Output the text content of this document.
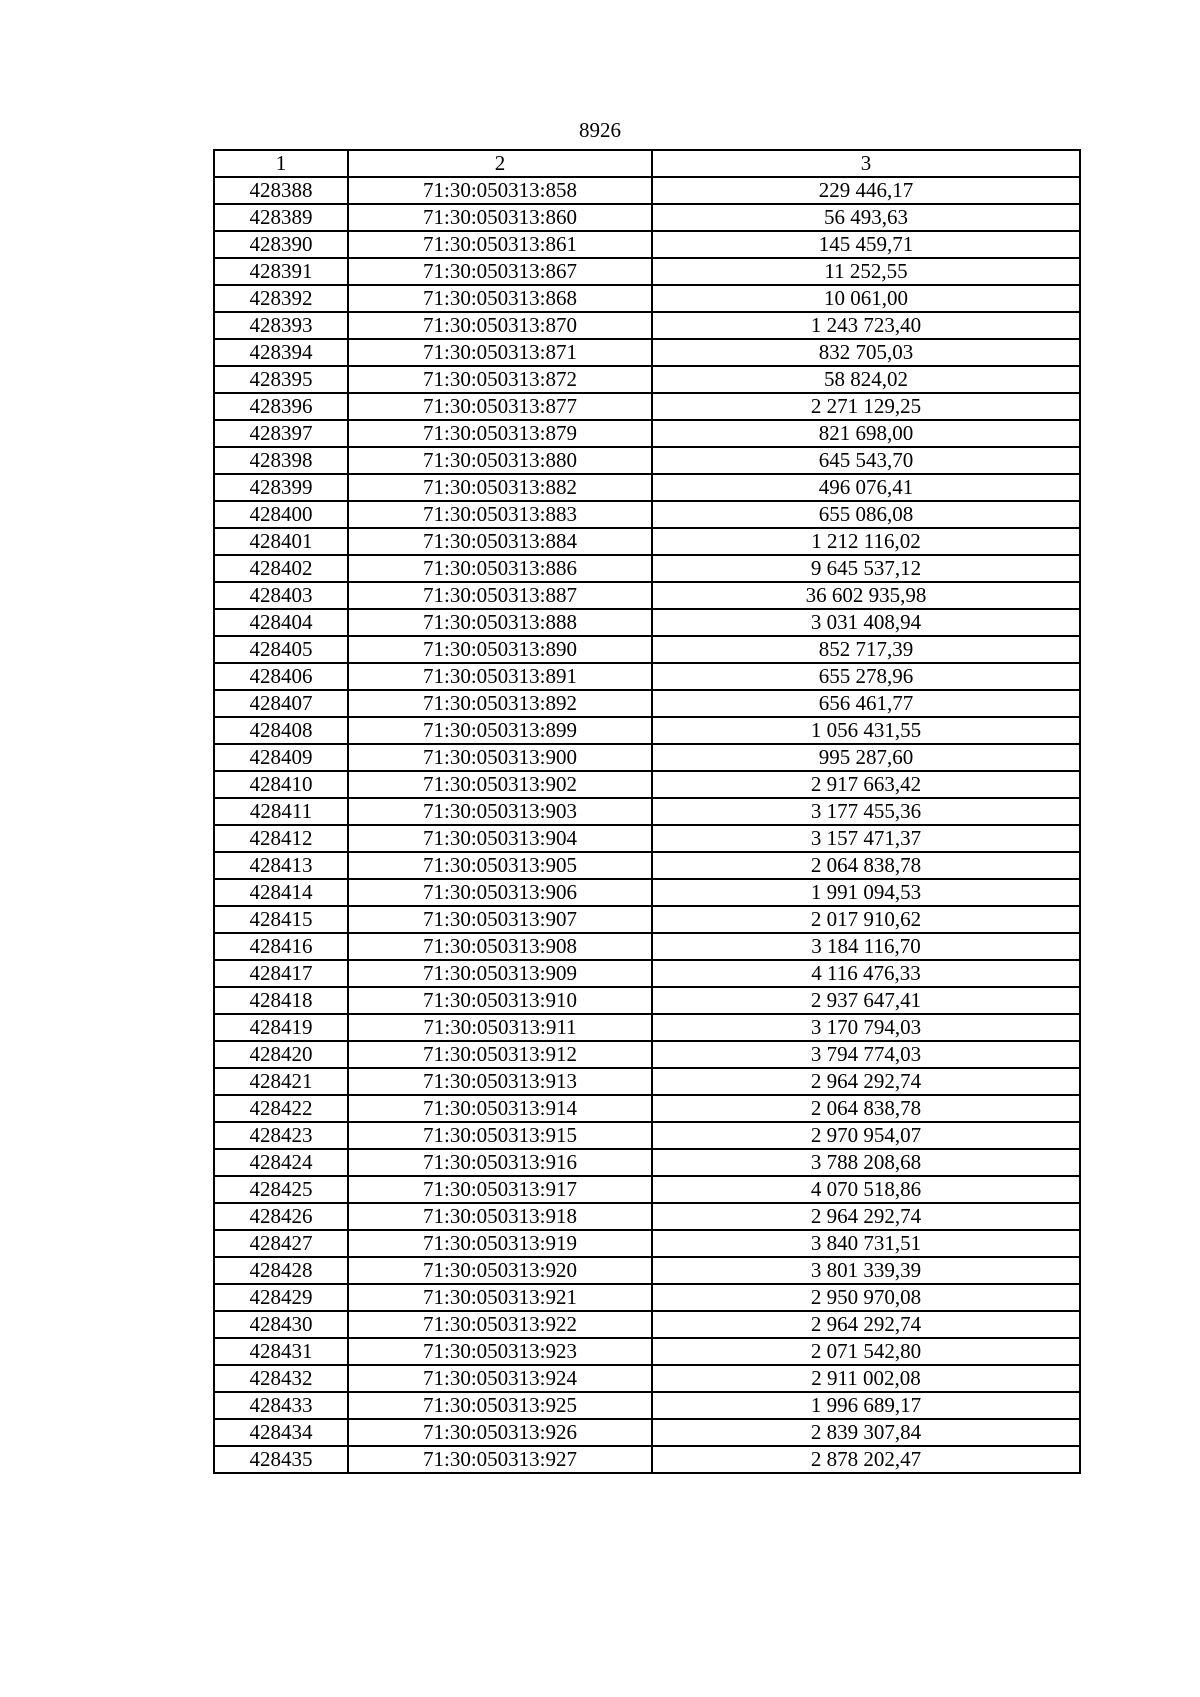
8926
1	2	3
428388	71:30:050313:858	229 446,17
428389	71:30:050313:860	56 493,63
428390	71:30:050313:861	145 459,71
428391	71:30:050313:867	11 252,55
428392	71:30:050313:868	10 061,00
428393	71:30:050313:870	1 243 723,40
428394	71:30:050313:871	832 705,03
428395	71:30:050313:872	58 824,02
428396	71:30:050313:877	2 271 129,25
428397	71:30:050313:879	821 698,00
428398	71:30:050313:880	645 543,70
428399	71:30:050313:882	496 076,41
428400	71:30:050313:883	655 086,08
428401	71:30:050313:884	1 212 116,02
428402	71:30:050313:886	9 645 537,12
428403	71:30:050313:887	36 602 935,98
428404	71:30:050313:888	3 031 408,94
428405	71:30:050313:890	852 717,39
428406	71:30:050313:891	655 278,96
428407	71:30:050313:892	656 461,77
428408	71:30:050313:899	1 056 431,55
428409	71:30:050313:900	995 287,60
428410	71:30:050313:902	2 917 663,42
428411	71:30:050313:903	3 177 455,36
428412	71:30:050313:904	3 157 471,37
428413	71:30:050313:905	2 064 838,78
428414	71:30:050313:906	1 991 094,53
428415	71:30:050313:907	2 017 910,62
428416	71:30:050313:908	3 184 116,70
428417	71:30:050313:909	4 116 476,33
428418	71:30:050313:910	2 937 647,41
428419	71:30:050313:911	3 170 794,03
428420	71:30:050313:912	3 794 774,03
428421	71:30:050313:913	2 964 292,74
428422	71:30:050313:914	2 064 838,78
428423	71:30:050313:915	2 970 954,07
428424	71:30:050313:916	3 788 208,68
428425	71:30:050313:917	4 070 518,86
428426	71:30:050313:918	2 964 292,74
428427	71:30:050313:919	3 840 731,51
428428	71:30:050313:920	3 801 339,39
428429	71:30:050313:921	2 950 970,08
428430	71:30:050313:922	2 964 292,74
428431	71:30:050313:923	2 071 542,80
428432	71:30:050313:924	2 911 002,08
428433	71:30:050313:925	1 996 689,17
428434	71:30:050313:926	2 839 307,84
428435	71:30:050313:927	2 878 202,47
